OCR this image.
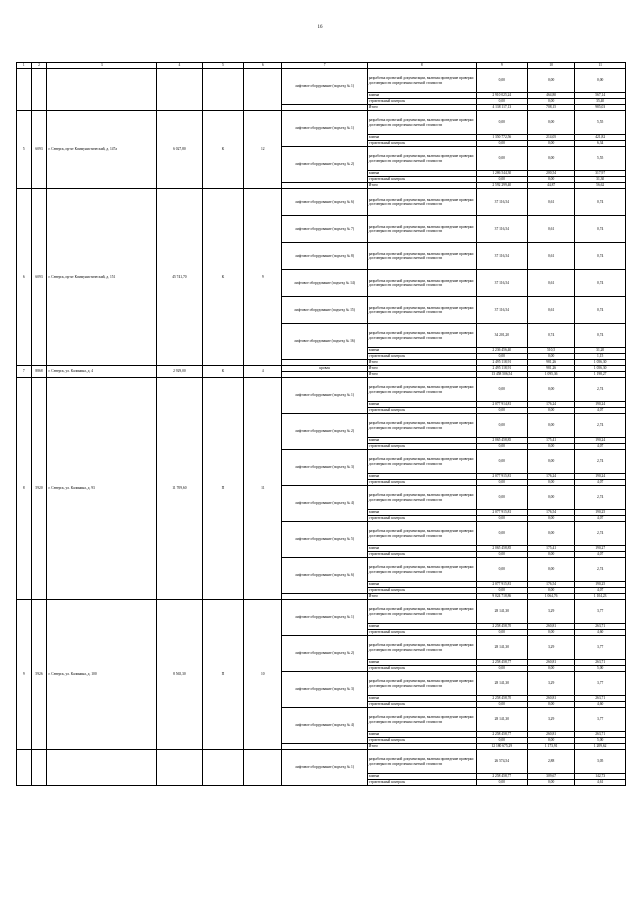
16
1	2	3	4	5	6	7	8	9	10	11
						лифтовое оборудование (подъезд № 1)	разработка проектной документации, включая проведение проверки достоверности определения сметной стоимости	0,00	0,00	0,00
							замена	2 910 025,24	464,80	567,14
							строительный контроль	0,00	0,00	35,40
							Итого	4 138 117,13	708,15	985,03
5	6093	г. Северск, пр-кт Коммунистический, д. 147а	6 027,80	К	12	лифтовое оборудование (подъезд № 1)	разработка проектной документации, включая проведение проверки достоверности определения сметной стоимости	0,00	0,00	5,55
							замена	1 350 772,56	214,05	421,82
							строительный контроль	0,00	0,00	6,34
						лифтовое оборудование (подъезд № 2)	разработка проектной документации, включая проведение проверки достоверности определения сметной стоимости	0,00	0,00	5,55
							замена	1 286 544,30	200,54	317,97
							строительный контроль	0,00	0,00	31,30
							Итого	2 592 299,40	44,87	56,62
6	6093	г. Северск, пр-кт Коммунистический, д. 151	45 741,70	К	9	лифтовое оборудование (подъезд № 6)	разработка проектной документации, включая проведение проверки достоверности определения сметной стоимости	37 116,54	0,61	0,74
						лифтовое оборудование (подъезд № 7)	разработка проектной документации, включая проведение проверки достоверности определения сметной стоимости	37 116,54	0,61	0,74
						лифтовое оборудование (подъезд № 8)	разработка проектной документации, включая проведение проверки достоверности определения сметной стоимости	37 116,54	0,61	0,74
						лифтовое оборудование (подъезд № 14)	разработка проектной документации, включая проведение проверки достоверности определения сметной стоимости	37 116,54	0,61	0,74
						лифтовое оборудование (подъезд № 15)	разработка проектной документации, включая проведение проверки достоверности определения сметной стоимости	37 116,54	0,61	0,74
						лифтовое оборудование (подъезд № 16)	разработка проектной документации, включая проведение проверки достоверности определения сметной стоимости	34 201,20	0,74	0,74
							замена	2 236 456,40	510,5	31,20
							строительный контроль	0,00	0,00	1,15
							Итого	2 495 118,91	981,26	1 056,30
7	8868	г. Северск, ул. Калинина, д. 4	2 929,00	К	4	кровля	Итого	2 495 118,91	981,26	1 056,30
							Итого	13 458 506,54	1 095,36	1 198,27
8	5920	г. Северск, ул. Калинина, д. 93	11 709,60	П	11	лифтовое оборудование (подъезд № 1)	разработка проектной документации, включая проведение проверки достоверности определения сметной стоимости	0,00	0,00	2,74
							замена	2 077 914,81	176,24	190,24
							строительный контроль	0,00	0,00	4,07
						лифтовое оборудование (подъезд № 2)	разработка проектной документации, включая проведение проверки достоверности определения сметной стоимости	0,00	0,00	2,74
							замена	2 065 458,85	175,41	190,24
							строительный контроль	0,00	0,00	4,07
						лифтовое оборудование (подъезд № 3)	разработка проектной документации, включая проведение проверки достоверности определения сметной стоимости	0,00	0,00	2,74
							замена	2 077 915,81	176,24	190,24
							строительный контроль	0,00	0,00	4,07
						лифтовое оборудование (подъезд № 4)	разработка проектной документации, включая проведение проверки достоверности определения сметной стоимости	0,00	0,00	2,74
							замена	2 077 915,81	176,54	190,25
							строительный контроль	0,00	0,00	4,07
						лифтовое оборудование (подъезд № 5)	разработка проектной документации, включая проведение проверки достоверности определения сметной стоимости	0,00	0,00	2,74
							замена	2 065 458,85	175,41	190,27
							строительный контроль	0,00	0,00	4,07
						лифтовое оборудование (подъезд № 6)	разработка проектной документации, включая проведение проверки достоверности определения сметной стоимости	0,00	0,00	2,74
							замена	2 077 915,81	176,54	190,25
							строительный контроль	0,00	0,00	4,07
							Итого	9 024 718,86	1 064,76	1 104,23
9	5926	г. Северск, ул. Калинина, д. 100	8 565,30	П	10	лифтовое оборудование (подъезд № 1)	разработка проектной документации, включая проведение проверки достоверности определения сметной стоимости	28 141,30	3,29	3,77
							замена	2 258 458,70	260,81	263,71
							строительный контроль	0,00	0,00	4,60
						лифтовое оборудование (подъезд № 2)	разработка проектной документации, включая проведение проверки достоверности определения сметной стоимости	28 141,30	3,29	3,77
							замена	2 258 458,77	260,81	263,71
							строительный контроль	0,00	0,00	5,00
						лифтовое оборудование (подъезд № 3)	разработка проектной документации, включая проведение проверки достоверности определения сметной стоимости	28 141,30	3,29	3,77
							замена	2 258 458,70	260,81	263,71
							строительный контроль	0,00	0,00	4,60
						лифтовое оборудование (подъезд № 4)	разработка проектной документации, включая проведение проверки достоверности определения сметной стоимости	28 141,30	3,29	3,77
							замена	2 258 458,77	260,81	263,71
							строительный контроль	0,00	0,00	5,00
							Итого	12 180 675,29	1 173,91	1 209,62
						лифтовое оборудование (подъезд № 1)	разработка проектной документации, включая проведение проверки достоверности определения сметной стоимости	26 574,54	2,88	3,05
							замена	2 258 458,77	309,67	142,73
							строительный контроль	0,00	0,00	4,61
